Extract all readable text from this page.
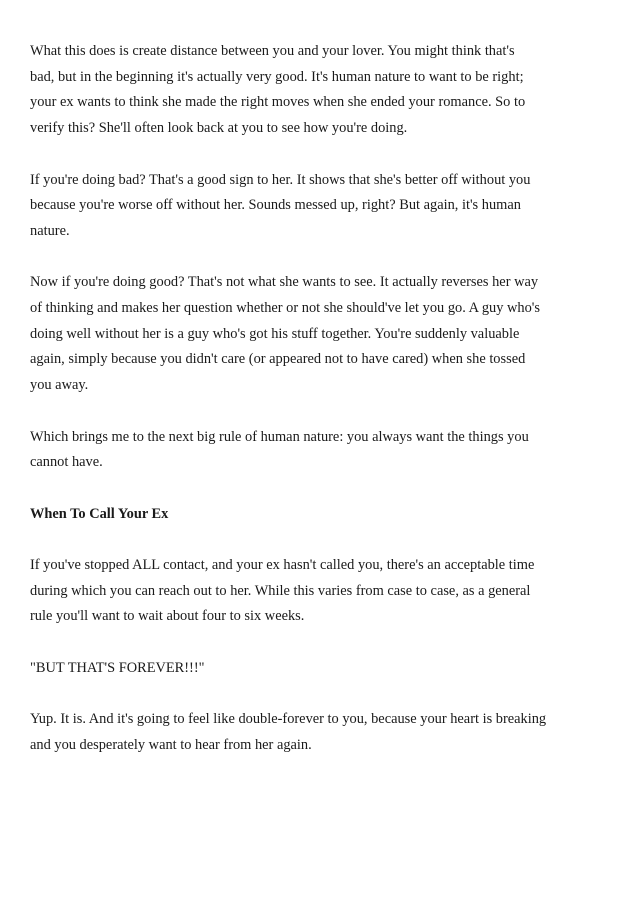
What this does is create distance between you and your lover. You might think that's
bad, but in the beginning it's actually very good. It's human nature to want to be right;
your ex wants to think she made the right moves when she ended your romance. So to
verify this? She'll often look back at you to see how you're doing.

If you're doing bad? That's a good sign to her. It shows that she's better off without you
because you're worse off without her. Sounds messed up, right? But again, it's human
nature.

Now if you're doing good? That's not what she wants to see. It actually reverses her way
of thinking and makes her question whether or not she should've let you go. A guy who's
doing well without her is a guy who's got his stuff together. You're suddenly valuable
again, simply because you didn't care (or appeared not to have cared) when she tossed
you away.

Which brings me to the next big rule of human nature: you always want the things you
cannot have.

When To Call Your Ex

If you've stopped ALL contact, and your ex hasn't called you, there's an acceptable time
during which you can reach out to her. While this varies from case to case, as a general
rule you'll want to wait about four to six weeks.

"BUT THAT'S FOREVER!!!"

Yup. It is. And it's going to feel like double-forever to you, because your heart is breaking
and you desperately want to hear from her again.
